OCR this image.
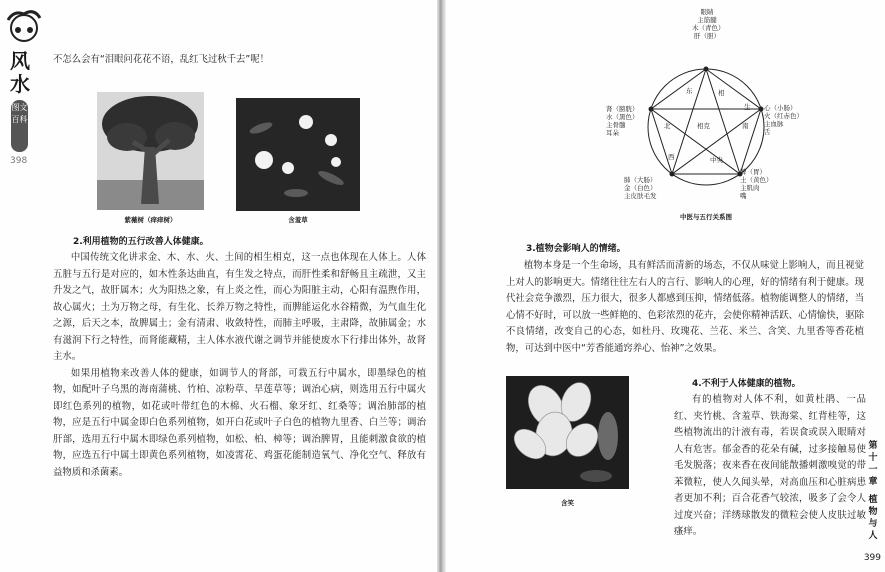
风水
图文百科
398
不怎么会有“泪眼问花花不语，乱红飞过秋千去”呢！
紫薇树（痒痒树）	含羞草
2.利用植物的五行改善人体健康。

中国传统文化讲求金、木、水、火、土间的相生相克，这一点也体现在人体上。人体五脏与五行是对应的，如木性条达曲直，有生发之特点，而肝性柔和舒畅且主疏泄，又主升发之气，故肝属木；火为阳热之象，有上炎之性，而心为阳脏主动，心阳有温煦作用，故心属火；土为万物之母，有生化、长养万物之特性，而脾能运化水谷精微，为气血生化之源，后天之本，故脾属土；金有清肃、收敛特性，而肺主呼吸，主肃降，故肺属金；水有滋润下行之特性，而肾能藏精，主人体水液代谢之调节并能使废水下行排出体外，故肾主水。

如果用植物来改善人体的健康，如调节人的肾部，可栽五行中属水，即墨绿色的植物，如配叶子乌黑的海南蒲桃、竹柏、凉粉草、旱莲草等；调治心病，则选用五行中属火即红色系列的植物，如花或叶带红色的木棉、火石榴、象牙红、红桑等；调治肺部的植物，应是五行中属金即白色系列植物，如开白花或叶子白色的植物九里香、白兰等；调治肝部，选用五行中属木即绿色系列植物，如松、柏、樟等；调治脾胃，且能刺激食欲的植物，应选五行中属土即黄色系列植物，如凌霄花、鸡蛋花能制造氧气、净化空气、释放有益物质和杀菌素。

眼睛
主筋腱
木（青色）
肝（胆）
心（小肠）
火（红赤色）
主血脉
舌
脾（胃）
土（黄色）
主肌肉
嘴
肺（大肠）
金（白色）
主皮肤毛发
肾（膀胱）
水（黑色）
主骨髓
耳朵
东	相
生
北	相克	南
西	中央
中医与五行关系图
3.植物会影响人的情绪。

植物本身是一个生命场，具有鲜活而清新的场态，不仅从味觉上影响人，而且视觉上对人的影响更大。情绪往往左右人的言行、影响人的心理，好的情绪有利于健康。现代社会竞争激烈，压力很大，很多人都感到压抑，情绪低落。植物能调整人的情绪，当心情不好时，可以放一些鲜艳的、色彩浓烈的花卉，会使你精神活跃、心情愉快，驱除不良情绪，改变自己的心态，如杜丹、玫瑰花、兰花、米兰、含笑、九里香等香花植物，可达到中医中“芳香能通窍养心、怡神”之效果。

含笑
4.不利于人体健康的植物。

有的植物对人体不利，如黄杜鹃、一品红、夹竹桃、含羞草、铁海棠、红背桂等，这些植物流出的汁液有毒，若误食或误入眼睛对人有危害。郁金香的花朵有碱，过多接触易使毛发脱落；夜来香在夜间能散播刺激嗅觉的带苯微粒，使人久闻头晕，对高血压和心脏病患者更加不利；百合花香气较浓，吸多了会令人过度兴奋；洋绣球散发的微粒会使人皮肤过敏瘙痒。

第
十
一
章
植
物
与
人
399
